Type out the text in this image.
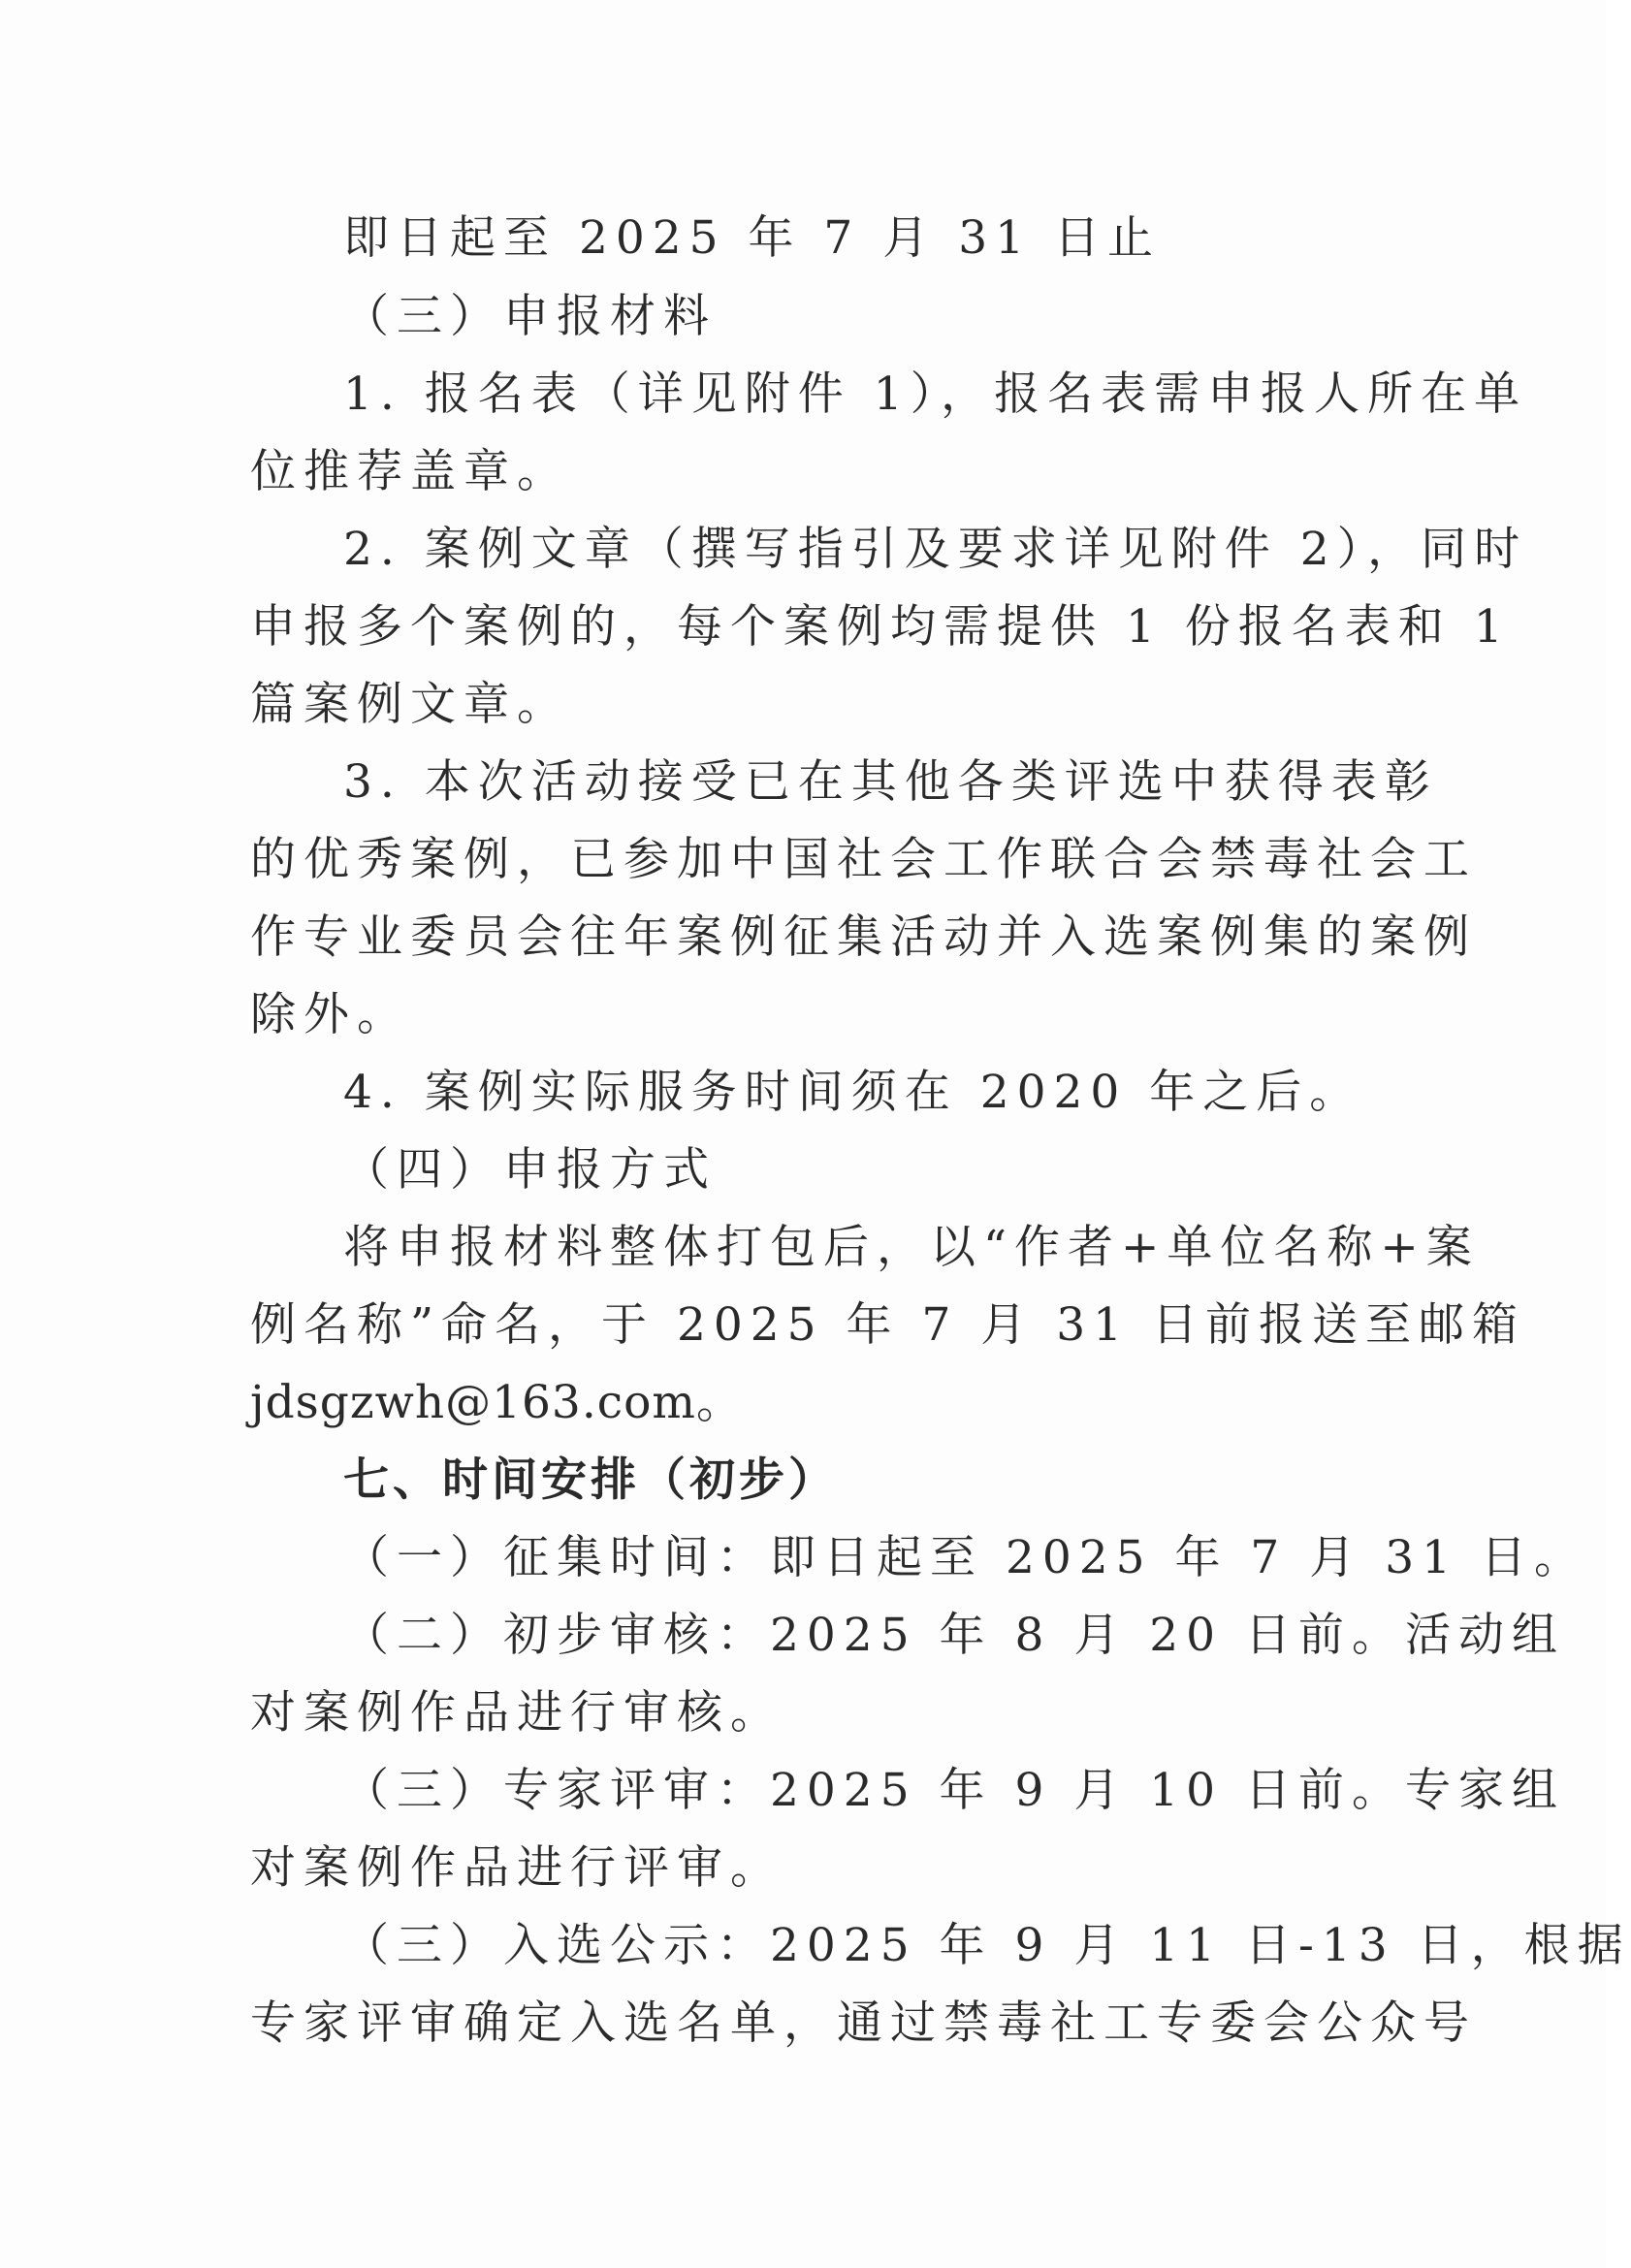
即日起至 2025 年 7 月 31 日止
（三）申报材料
1. 报名表（详见附件 1），报名表需申报人所在单
位推荐盖章。
2. 案例文章（撰写指引及要求详见附件 2），同时
申报多个案例的，每个案例均需提供 1 份报名表和 1
篇案例文章。
3. 本次活动接受已在其他各类评选中获得表彰
的优秀案例，已参加中国社会工作联合会禁毒社会工
作专业委员会往年案例征集活动并入选案例集的案例
除外。
4. 案例实际服务时间须在 2020 年之后。
（四）申报方式
将申报材料整体打包后，以“作者+单位名称+案
例名称”命名，于 2025 年 7 月 31 日前报送至邮箱
jdsgzwh@163.com。
七、时间安排（初步）
（一）征集时间：即日起至 2025 年 7 月 31 日。
（二）初步审核：2025 年 8 月 20 日前。活动组
对案例作品进行审核。
（三）专家评审：2025 年 9 月 10 日前。专家组
对案例作品进行评审。
（三）入选公示：2025 年 9 月 11 日-13 日，根据
专家评审确定入选名单，通过禁毒社工专委会公众号
